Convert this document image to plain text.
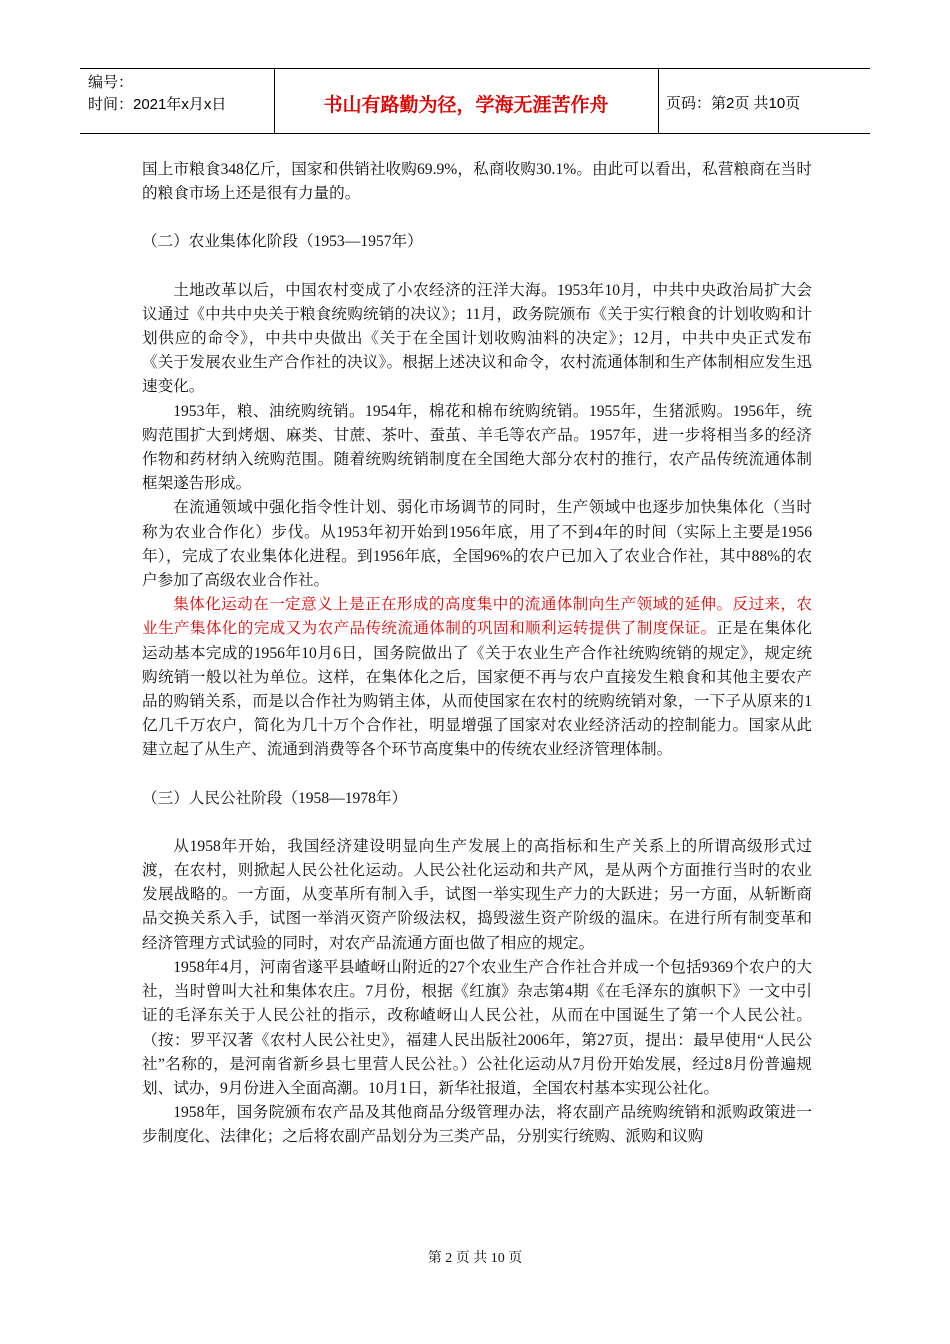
编号：
时间：2021年x月x日	书山有路勤为径，学海无涯苦作舟	页码：第2页 共10页

国上市粮食348亿斤，国家和供销社收购69.9%，私商收购30.1%。由此可以看出，私营粮商在当时的粮食市场上还是很有力量的。

（二）农业集体化阶段（1953—1957年）

土地改革以后，中国农村变成了小农经济的汪洋大海。1953年10月，中共中央政治局扩大会议通过《中共中央关于粮食统购统销的决议》；11月，政务院颁布《关于实行粮食的计划收购和计划供应的命令》，中共中央做出《关于在全国计划收购油料的决定》；12月，中共中央正式发布《关于发展农业生产合作社的决议》。根据上述决议和命令，农村流通体制和生产体制相应发生迅速变化。

1953年，粮、油统购统销。1954年，棉花和棉布统购统销。1955年，生猪派购。1956年，统购范围扩大到烤烟、麻类、甘蔗、茶叶、蚕茧、羊毛等农产品。1957年，进一步将相当多的经济作物和药材纳入统购范围。随着统购统销制度在全国绝大部分农村的推行，农产品传统流通体制框架遂告形成。

在流通领域中强化指令性计划、弱化市场调节的同时，生产领域中也逐步加快集体化（当时称为农业合作化）步伐。从1953年初开始到1956年底，用了不到4年的时间（实际上主要是1956年），完成了农业集体化进程。到1956年底，全国96%的农户已加入了农业合作社，其中88%的农户参加了高级农业合作社。

集体化运动在一定意义上是正在形成的高度集中的流通体制向生产领域的延伸。反过来，农业生产集体化的完成又为农产品传统流通体制的巩固和顺利运转提供了制度保证。正是在集体化运动基本完成的1956年10月6日，国务院做出了《关于农业生产合作社统购统销的规定》，规定统购统销一般以社为单位。这样，在集体化之后，国家便不再与农户直接发生粮食和其他主要农产品的购销关系，而是以合作社为购销主体，从而使国家在农村的统购统销对象，一下子从原来的1亿几千万农户，简化为几十万个合作社，明显增强了国家对农业经济活动的控制能力。国家从此建立起了从生产、流通到消费等各个环节高度集中的传统农业经济管理体制。

（三）人民公社阶段（1958—1978年）

从1958年开始，我国经济建设明显向生产发展上的高指标和生产关系上的所谓高级形式过渡，在农村，则掀起人民公社化运动。人民公社化运动和共产风，是从两个方面推行当时的农业发展战略的。一方面，从变革所有制入手，试图一举实现生产力的大跃进；另一方面，从斩断商品交换关系入手，试图一举消灭资产阶级法权，捣毁滋生资产阶级的温床。在进行所有制变革和经济管理方式试验的同时，对农产品流通方面也做了相应的规定。

1958年4月，河南省遂平县嵖岈山附近的27个农业生产合作社合并成一个包括9369个农户的大社，当时曾叫大社和集体农庄。7月份，根据《红旗》杂志第4期《在毛泽东的旗帜下》一文中引证的毛泽东关于人民公社的指示，改称嵖岈山人民公社，从而在中国诞生了第一个人民公社。（按：罗平汉著《农村人民公社史》，福建人民出版社2006年，第27页，提出：最早使用“人民公社”名称的，是河南省新乡县七里营人民公社。）公社化运动从7月份开始发展，经过8月份普遍规划、试办，9月份进入全面高潮。10月1日，新华社报道，全国农村基本实现公社化。

1958年，国务院颁布农产品及其他商品分级管理办法，将农副产品统购统销和派购政策进一步制度化、法律化；之后将农副产品划分为三类产品，分别实行统购、派购和议购

第 2 页 共 10 页
